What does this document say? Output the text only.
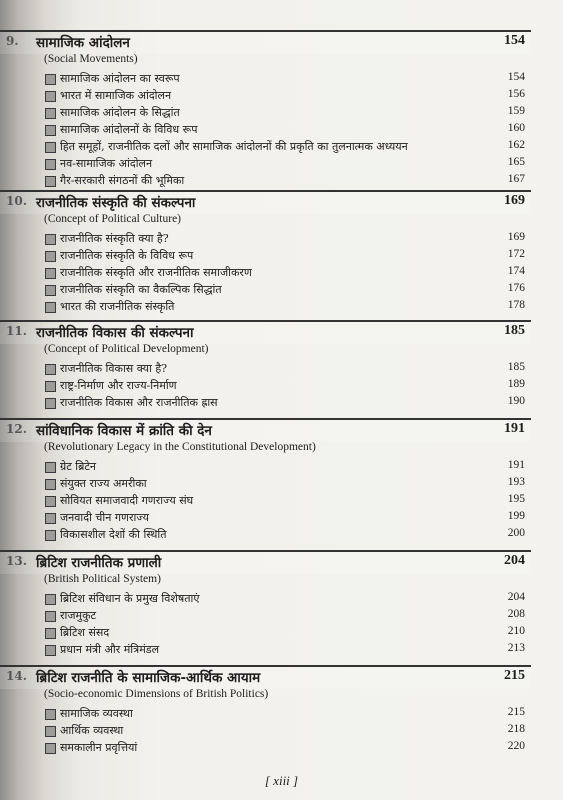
9. सामाजिक आंदोलन	154
(Social Movements)
सामाजिक आंदोलन का स्वरूप	154
भारत में सामाजिक आंदोलन	156
सामाजिक आंदोलन के सिद्धांत	159
सामाजिक आंदोलनों के विविध रूप	160
हित समूहों, राजनीतिक दलों और सामाजिक आंदोलनों की प्रकृति का तुलनात्मक अध्ययन	162
नव-सामाजिक आंदोलन	165
गैर-सरकारी संगठनों की भूमिका	167
10. राजनीतिक संस्कृति की संकल्पना	169
(Concept of Political Culture)
राजनीतिक संस्कृति क्या है?	169
राजनीतिक संस्कृति के विविध रूप	172
राजनीतिक संस्कृति और राजनीतिक समाजीकरण	174
राजनीतिक संस्कृति का वैकल्पिक सिद्धांत	176
भारत की राजनीतिक संस्कृति	178
11. राजनीतिक विकास की संकल्पना	185
(Concept of Political Development)
राजनीतिक विकास क्या है?	185
राष्ट्र-निर्माण और राज्य-निर्माण	189
राजनीतिक विकास और राजनीतिक ह्रास	190
12. सांविधानिक विकास में क्रांति की देन	191
(Revolutionary Legacy in the Constitutional Development)
ग्रेट ब्रिटेन	191
संयुक्त राज्य अमरीका	193
सोवियत समाजवादी गणराज्य संघ	195
जनवादी चीन गणराज्य	199
विकासशील देशों की स्थिति	200
13. ब्रिटिश राजनीतिक प्रणाली	204
(British Political System)
ब्रिटिश संविधान के प्रमुख विशेषताएं	204
राजमुकुट	208
ब्रिटिश संसद	210
प्रधान मंत्री और मंत्रिमंडल	213
14. ब्रिटिश राजनीति के सामाजिक-आर्थिक आयाम	215
(Socio-economic Dimensions of British Politics)
सामाजिक व्यवस्था	215
आर्थिक व्यवस्था	218
समकालीन प्रवृत्तियां	220
[ xiii ]
